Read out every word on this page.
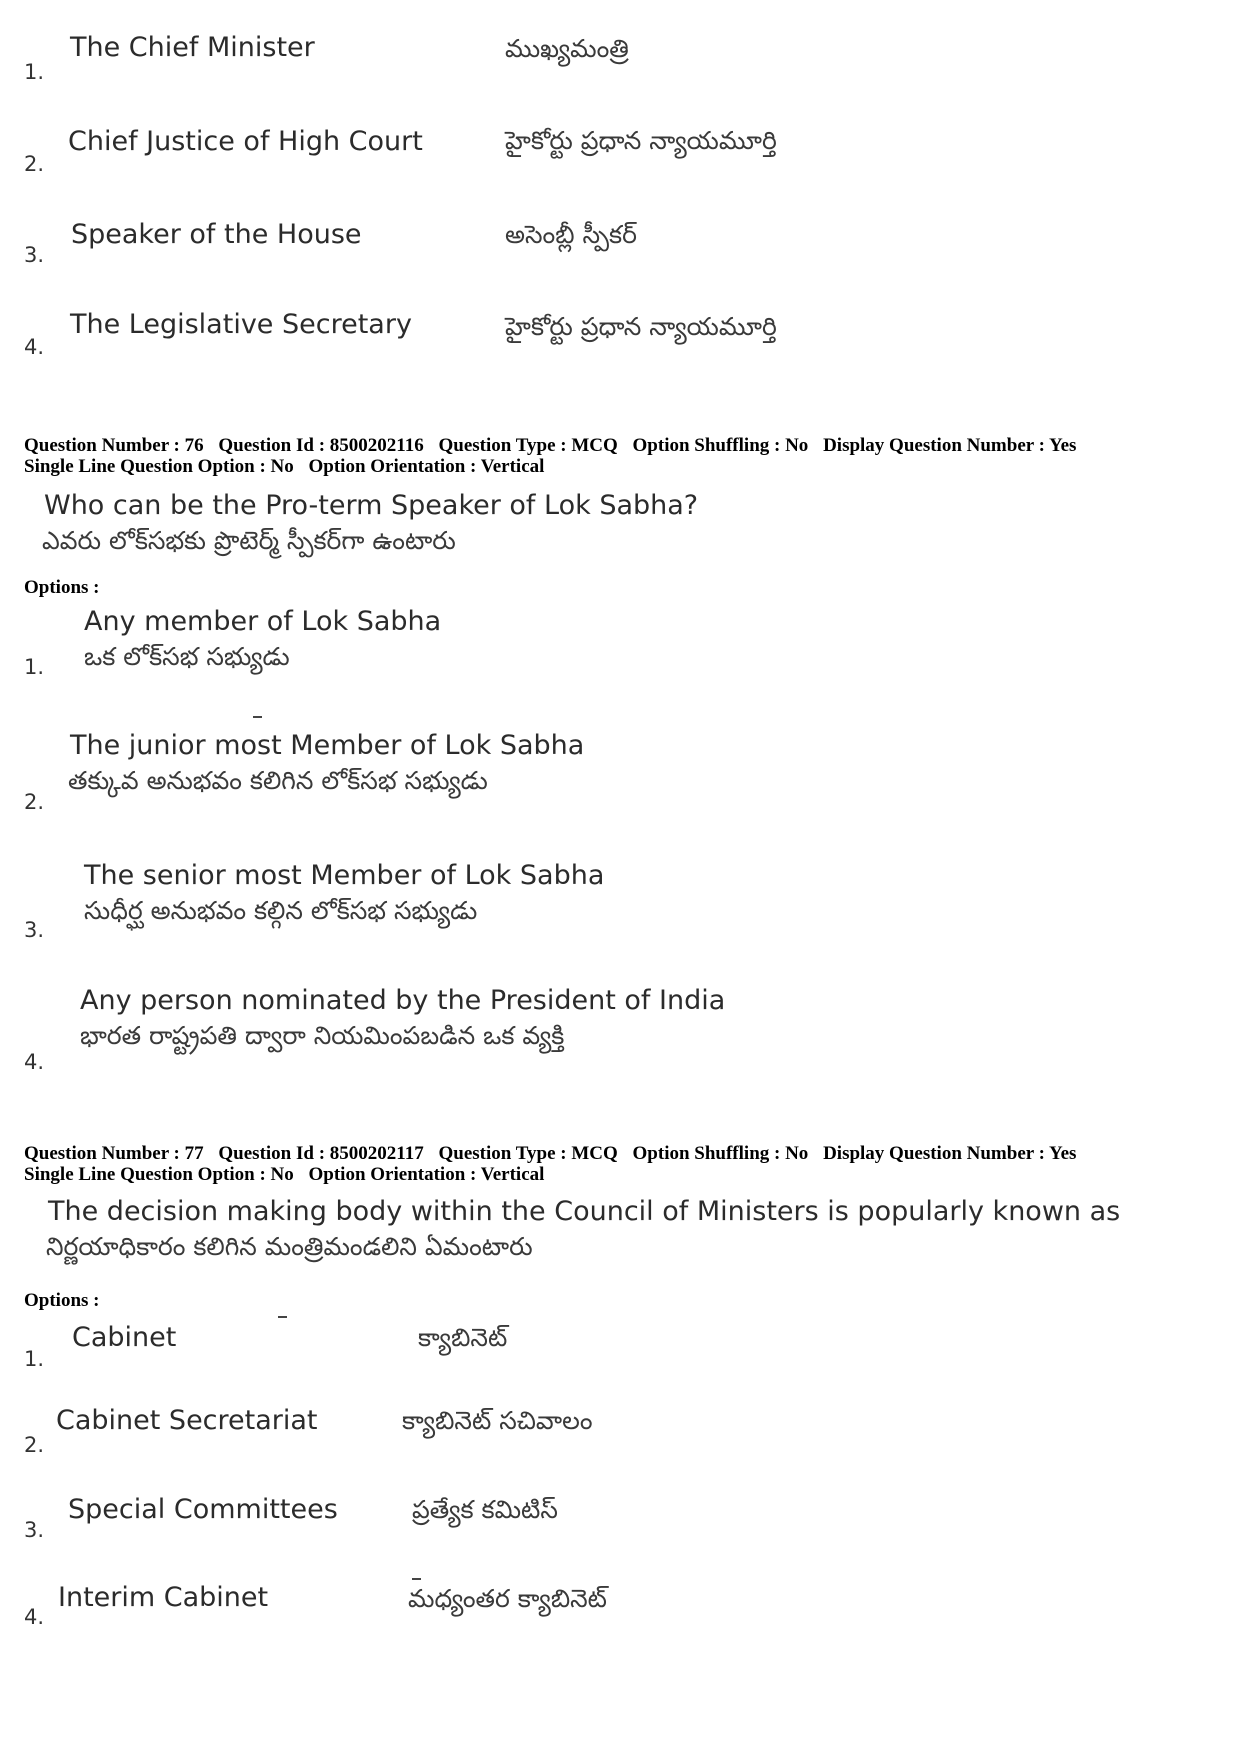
1.
The Chief Minister	ముఖ్యమంత్రి
2.
Chief Justice of High Court	హైకోర్టు ప్రధాన న్యాయమూర్తి
3.
Speaker of the House	అసెంబ్లీ స్పీకర్
4.
The Legislative Secretary	హైకోర్టు ప్రధాన న్యాయమూర్తి
Question Number : 76 Question Id : 8500202116 Question Type : MCQ Option Shuffling : No Display Question Number : Yes
Single Line Question Option : No Option Orientation : Vertical
Who can be the Pro-term Speaker of Lok Sabha?
ఎవరు లోక్‌సభకు ప్రొటెర్మ్ స్పీకర్‌గా ఉంటారు
Options :
1.
Any member of Lok Sabha
ఒక లోక్‌సభ సభ్యుడు
2.
The junior most Member of Lok Sabha
తక్కువ అనుభవం కలిగిన లోక్‌సభ సభ్యుడు
3.
The senior most Member of Lok Sabha
సుధీర్ఘ అనుభవం కల్గిన లోక్‌సభ సభ్యుడు
4.
Any person nominated by the President of India
భారత రాష్ట్రపతి ద్వారా నియమింపబడిన ఒక వ్యక్తి
Question Number : 77 Question Id : 8500202117 Question Type : MCQ Option Shuffling : No Display Question Number : Yes
Single Line Question Option : No Option Orientation : Vertical
The decision making body within the Council of Ministers is popularly known as
నిర్ణయాధికారం కలిగిన మంత్రిమండలిని ఏమంటారు
Options :
1.
Cabinet	క్యాబినెట్
2.
Cabinet Secretariat	క్యాబినెట్ సచివాలం
3.
Special Committees	ప్రత్యేక కమిటిస్
4.
Interim Cabinet	మధ్యంతర క్యాబినెట్
